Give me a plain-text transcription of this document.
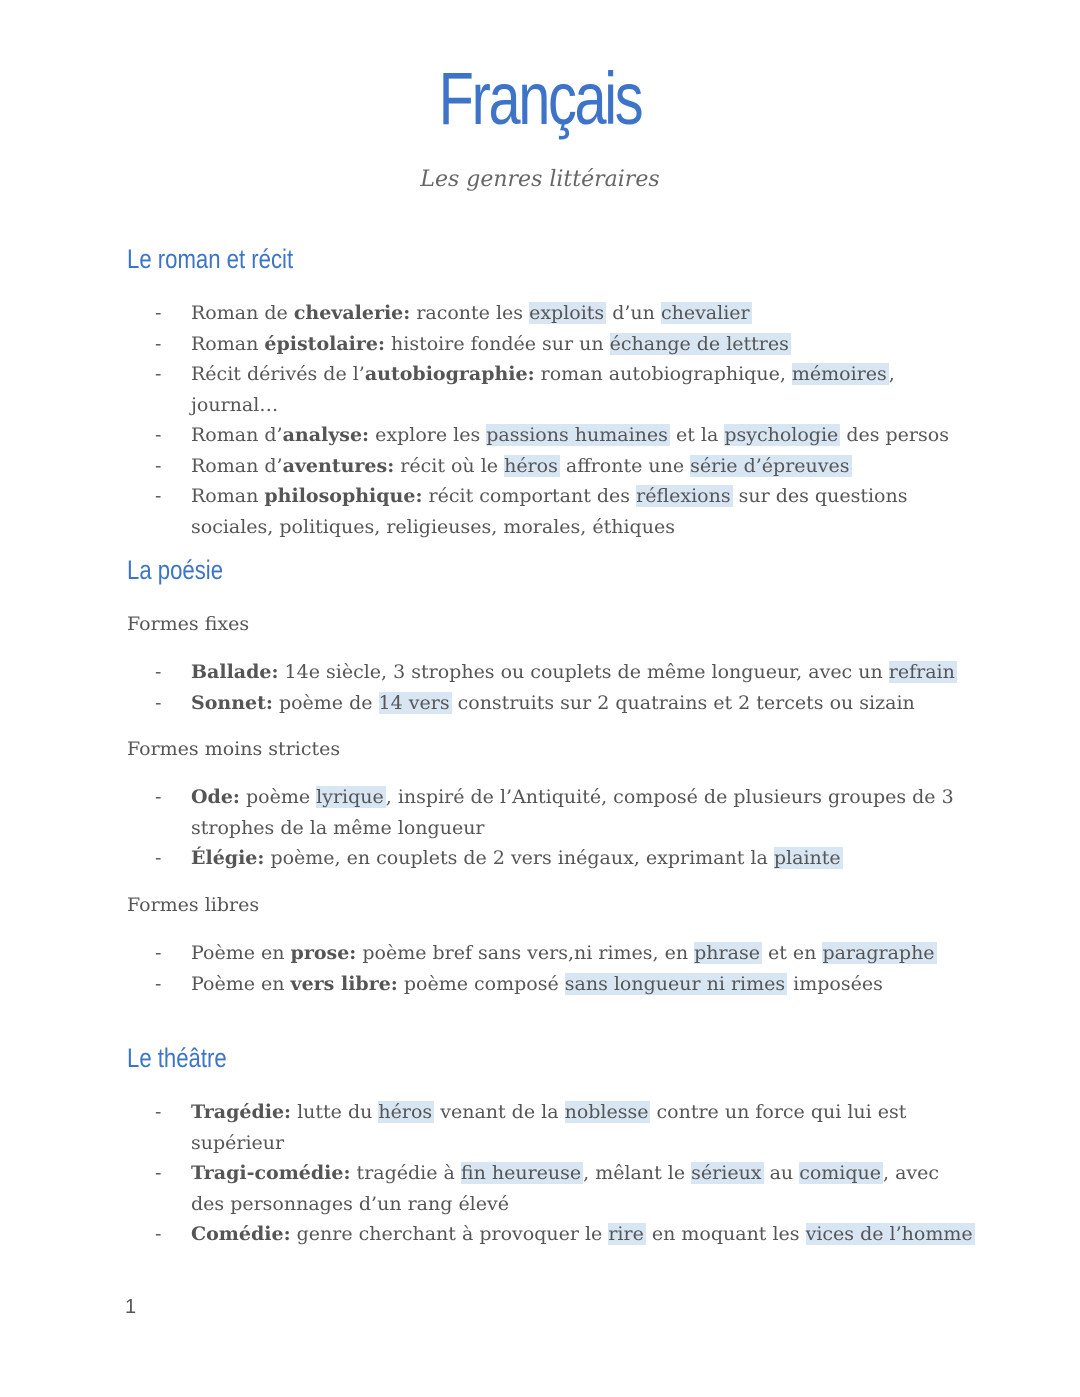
Français
Les genres littéraires
Le roman et récit
- Roman de chevalerie: raconte les exploits d’un chevalier
- Roman épistolaire: histoire fondée sur un échange de lettres
- Récit dérivés de l’autobiographie: roman autobiographique, mémoires , journal…
- Roman d’analyse: explore les passions humaines et la psychologie des persos
- Roman d’aventures: récit où le héros affronte une série d’épreuves
- Roman philosophique: récit comportant des réflexions sur des questions sociales, politiques, religieuses, morales, éthiques
La poésie
Formes fixes
- Ballade: 14e siècle, 3 strophes ou couplets de même longueur, avec un refrain
- Sonnet: poème de 14 vers construits sur 2 quatrains et 2 tercets ou sizain
Formes moins strictes
- Ode: poème lyrique , inspiré de l’Antiquité, composé de plusieurs groupes de 3 strophes de la même longueur
- Élégie: poème, en couplets de 2 vers inégaux, exprimant la plainte
Formes libres
- Poème en prose: poème bref sans vers,ni rimes, en phrase et en paragraphe
- Poème en vers libre: poème composé sans longueur ni rimes imposées
Le théâtre
- Tragédie: lutte du héros venant de la noblesse contre un force qui lui est supérieur
- Tragi-comédie: tragédie à fin heureuse , mêlant le sérieux au comique , avec des personnages d’un rang élevé
- Comédie: genre cherchant à provoquer le rire en moquant les vices de l’homme
1
